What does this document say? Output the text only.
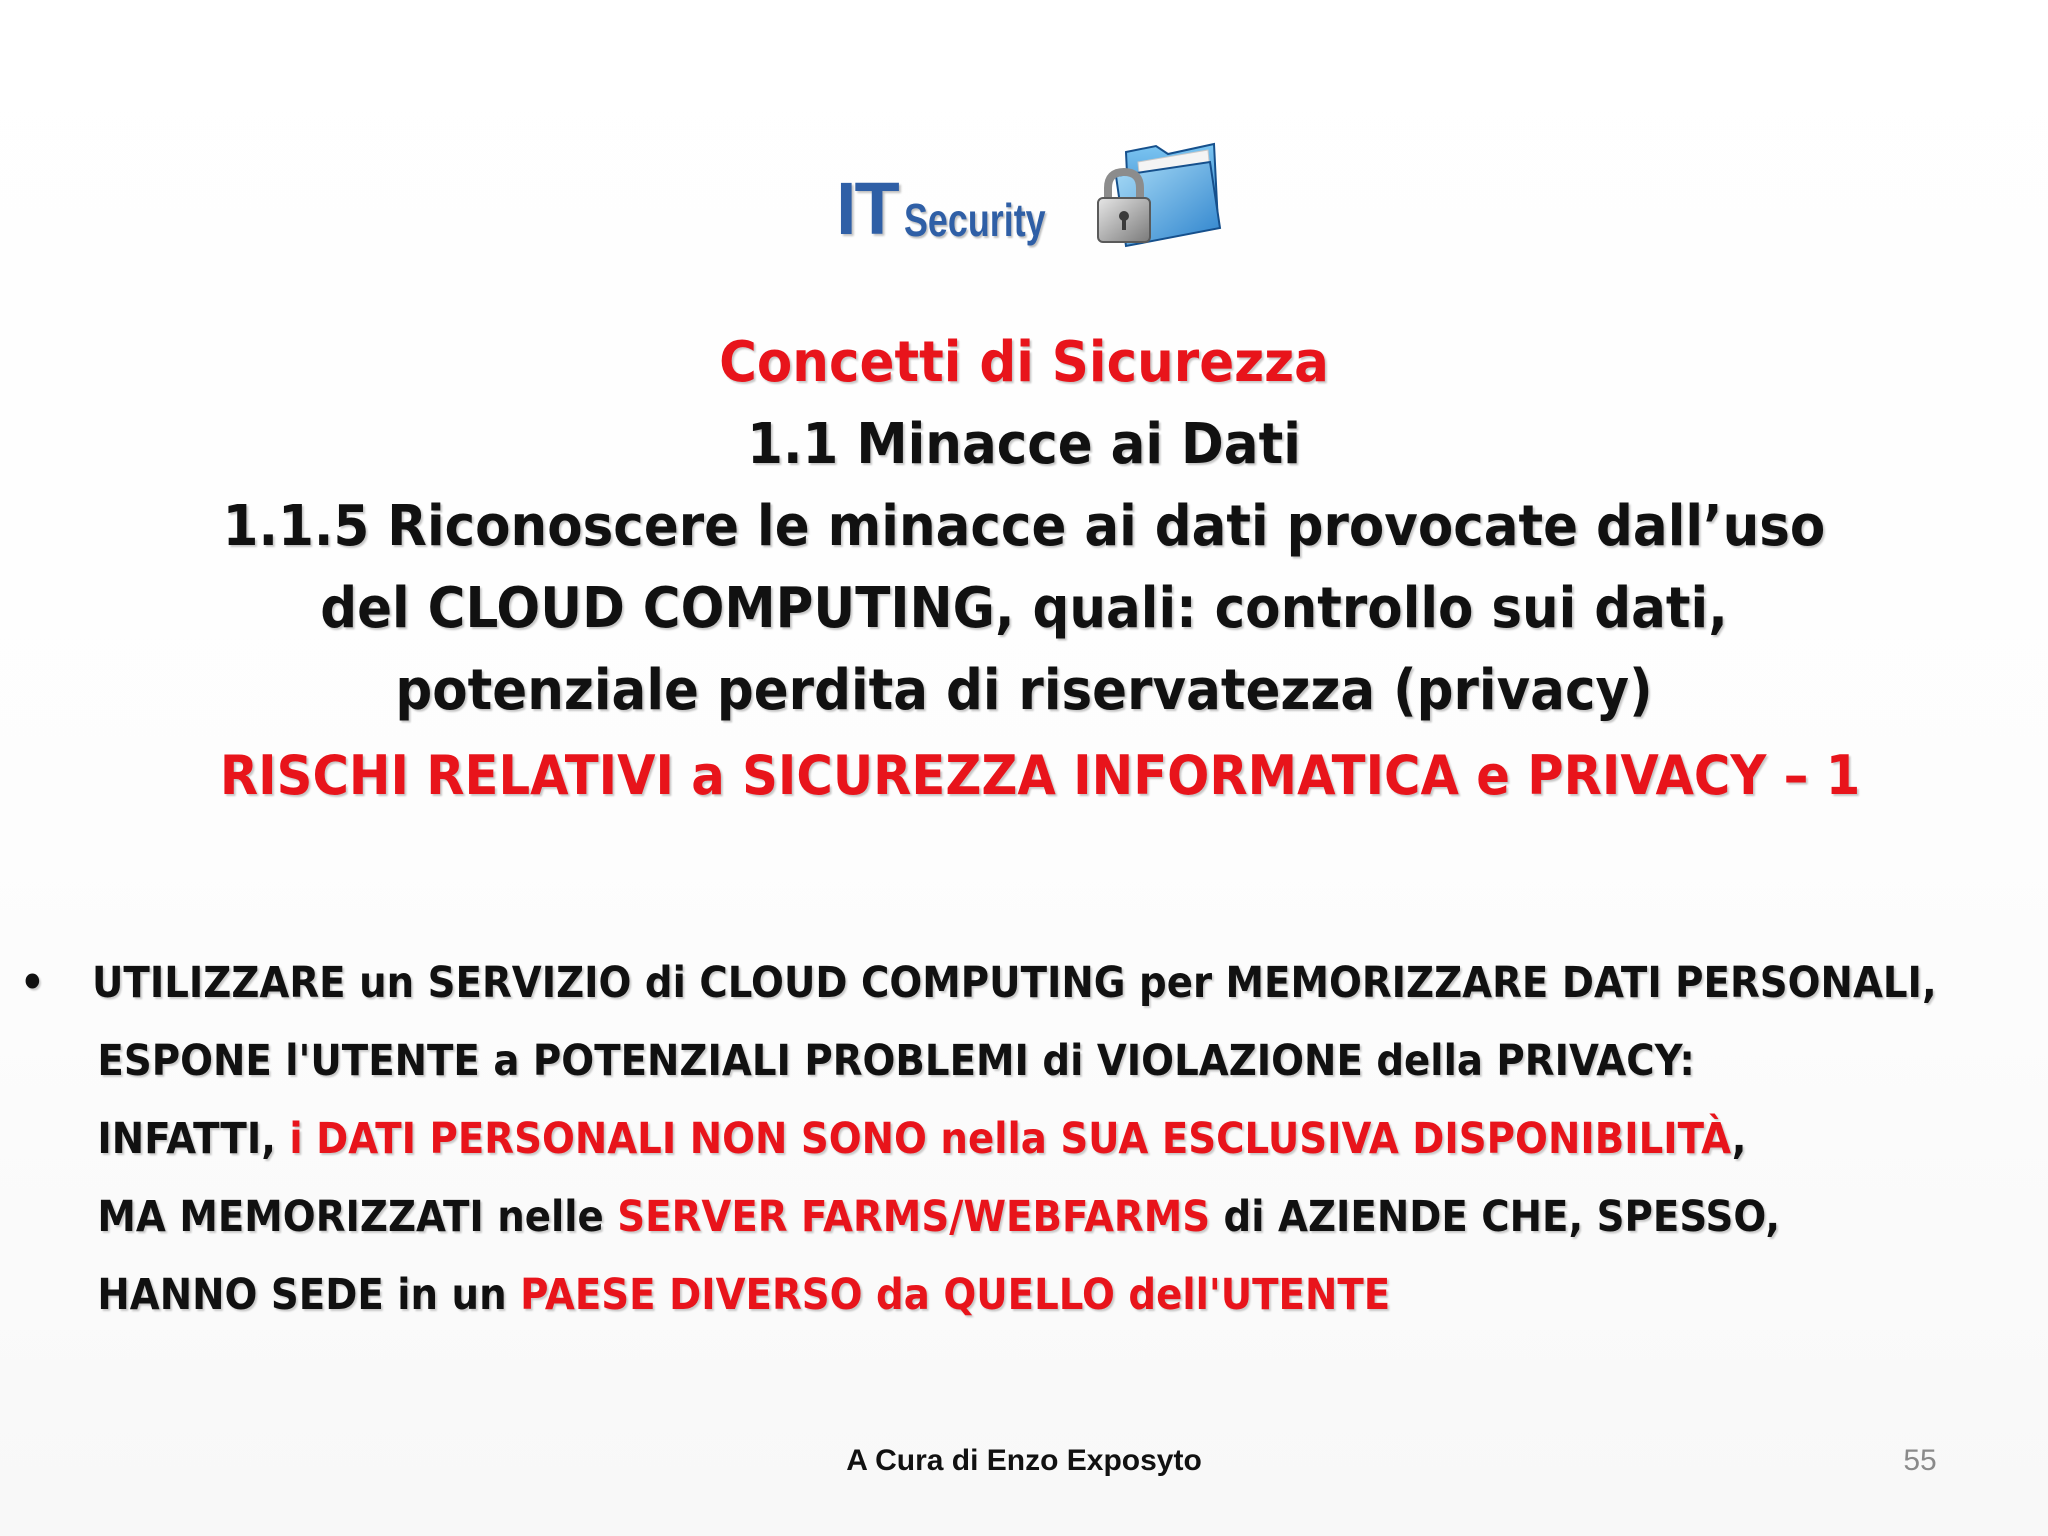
IT Security
Concetti di Sicurezza
1.1 Minacce ai Dati
1.1.5 Riconoscere le minacce ai dati provocate dall’uso
del CLOUD COMPUTING, quali: controllo sui dati,
potenziale perdita di riservatezza (privacy)
RISCHI RELATIVI a SICUREZZA INFORMATICA e PRIVACY – 1
•	UTILIZZARE un SERVIZIO di CLOUD COMPUTING per MEMORIZZARE DATI PERSONALI,
ESPONE l'UTENTE a POTENZIALI PROBLEMI di VIOLAZIONE della PRIVACY:
INFATTI, i DATI PERSONALI NON SONO nella SUA ESCLUSIVA DISPONIBILITÀ,
MA MEMORIZZATI nelle SERVER FARMS/WEBFARMS di AZIENDE CHE, SPESSO,
HANNO SEDE in un PAESE DIVERSO da QUELLO dell'UTENTE
A Cura di Enzo Exposyto	55
